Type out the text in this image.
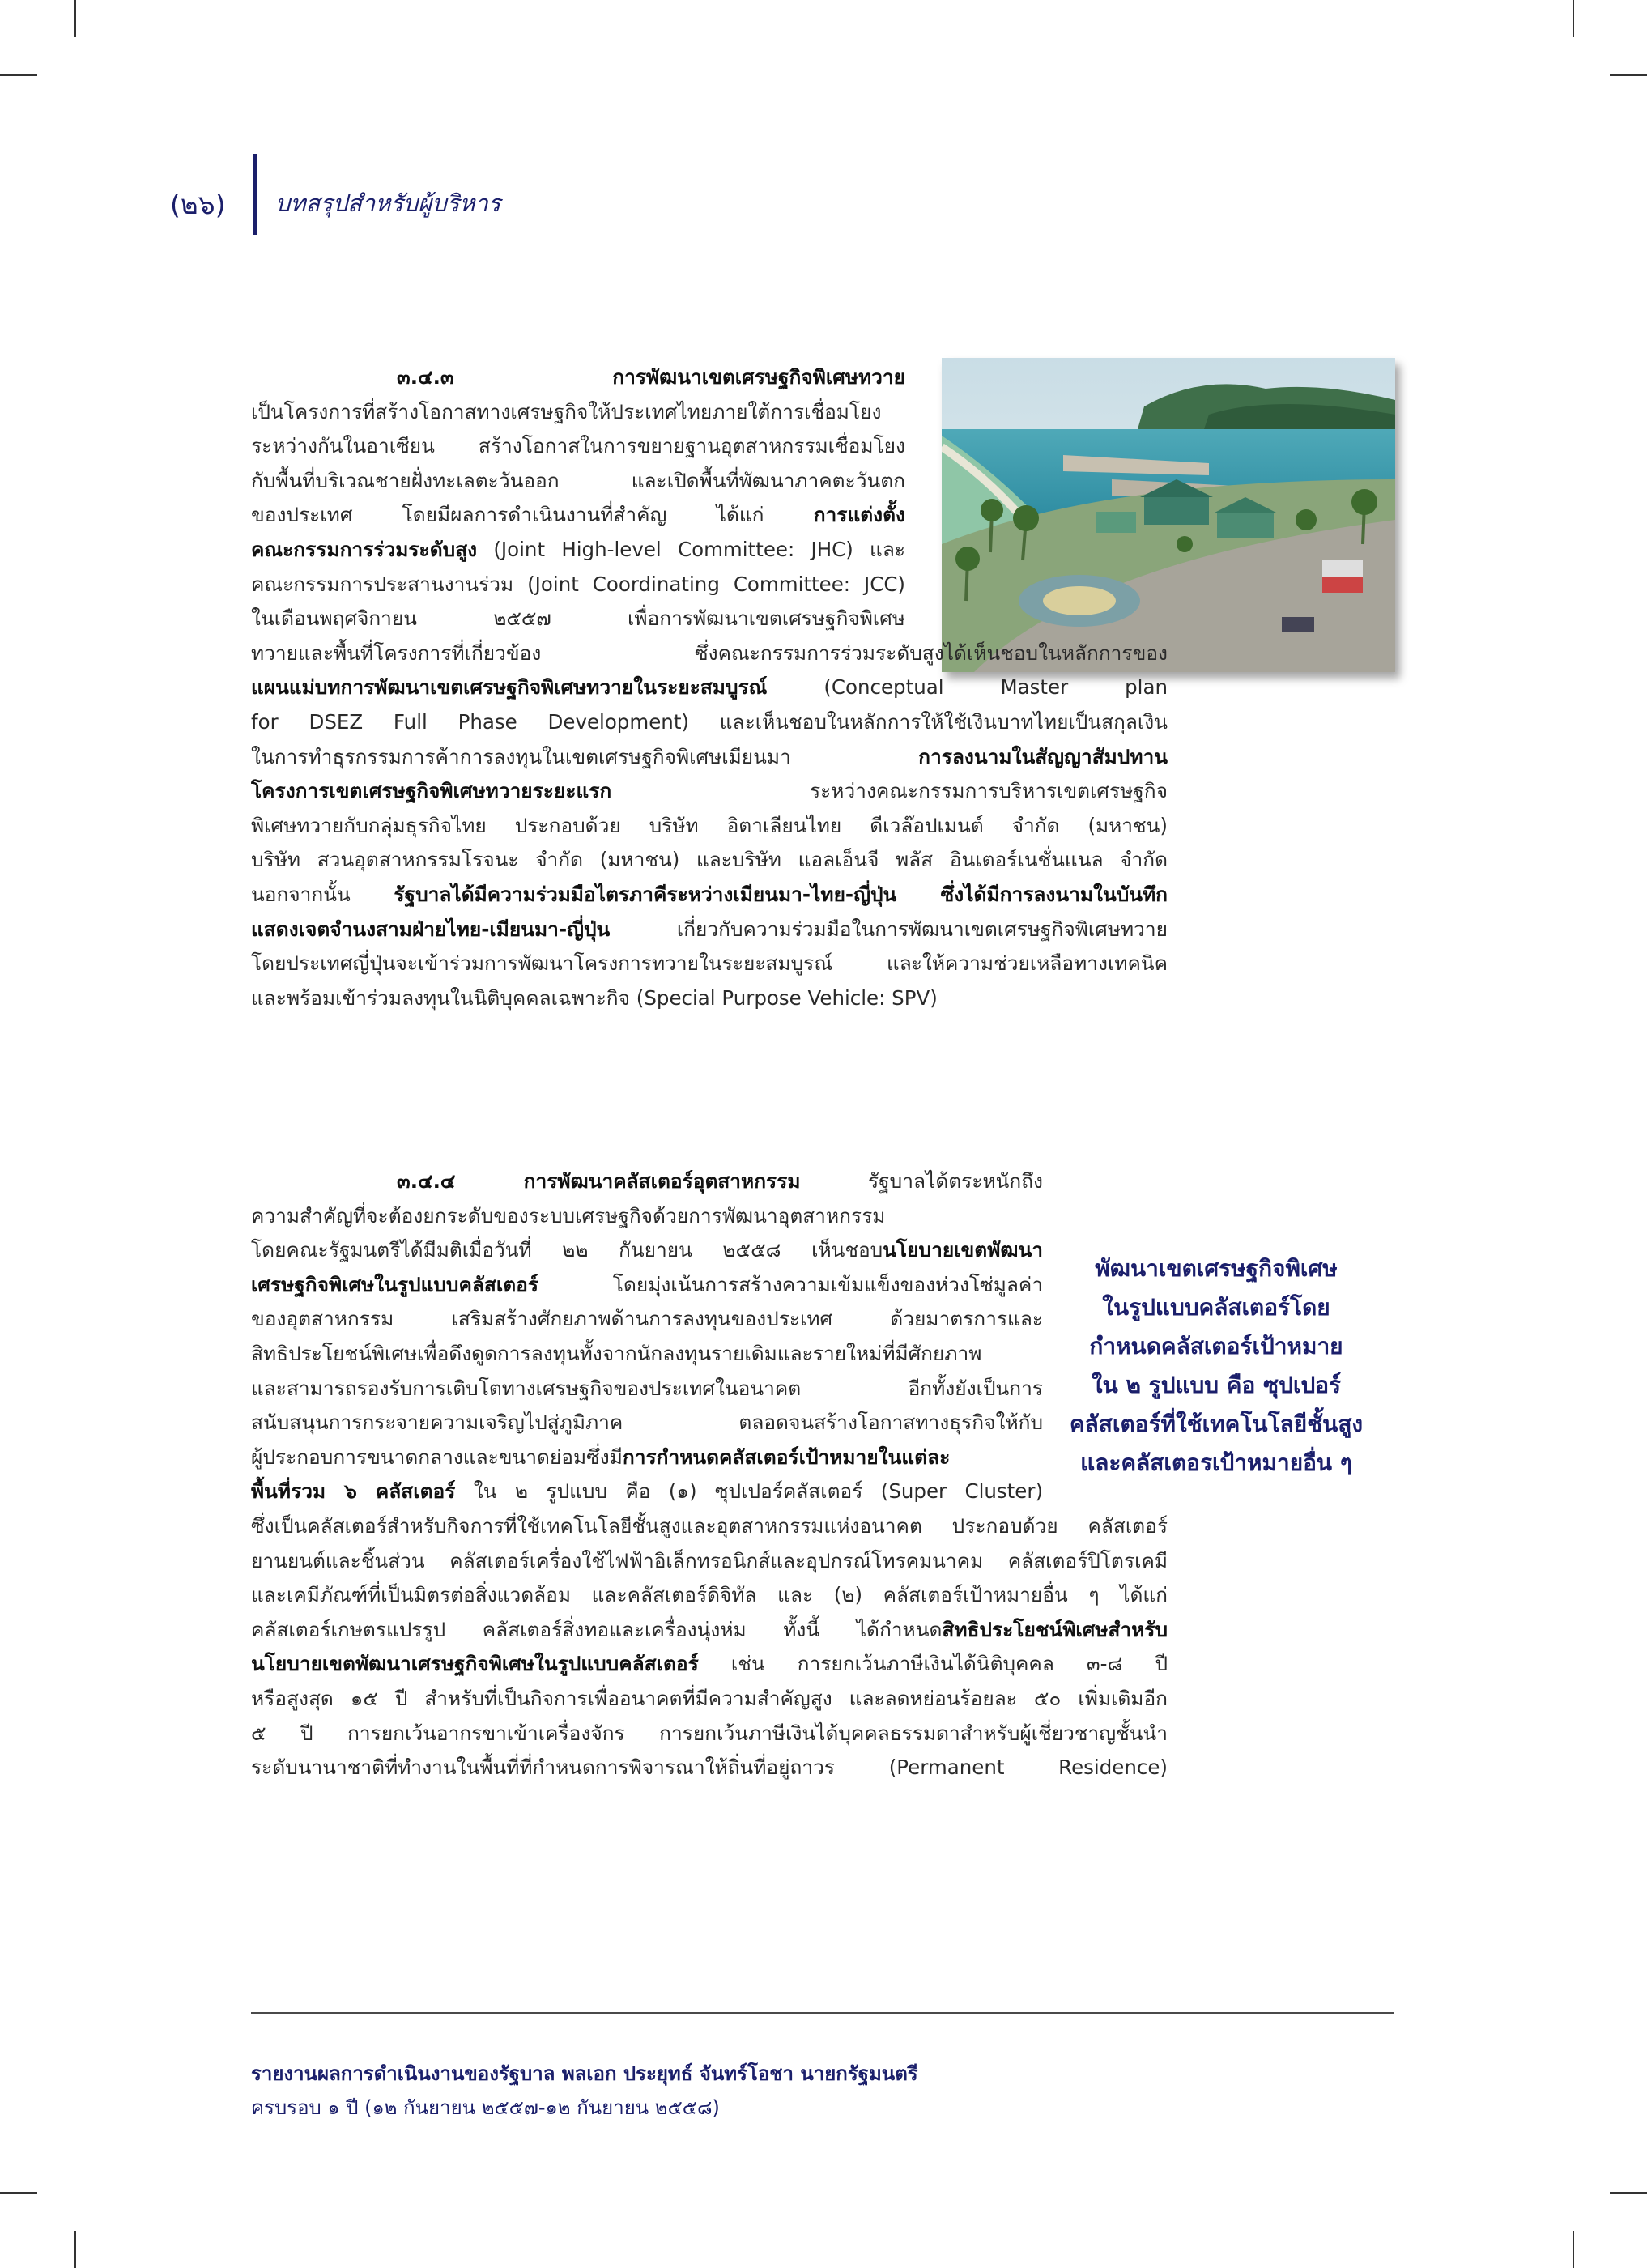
(๒๖) บทสรุปสำหรับผู้บริหาร

๓.๔.๓ การพัฒนาเขตเศรษฐกิจพิเศษทวาย

เป็นโครงการที่สร้างโอกาสทางเศรษฐกิจให้ประเทศไทยภายใต้การเชื่อมโยง

ระหว่างกันในอาเซียน สร้างโอกาสในการขยายฐานอุตสาหกรรมเชื่อมโยง

กับพื้นที่บริเวณชายฝั่งทะเลตะวันออก และเปิดพื้นที่พัฒนาภาคตะวันตก

ของประเทศ โดยมีผลการดำเนินงานที่สำคัญ ได้แก่ การแต่งตั้ง

คณะกรรมการร่วมระดับสูง (Joint High-level Committee: JHC) และ

คณะกรรมการประสานงานร่วม (Joint Coordinating Committee: JCC)

ในเดือนพฤศจิกายน ๒๕๕๗ เพื่อการพัฒนาเขตเศรษฐกิจพิเศษ

ทวายและพื้นที่โครงการที่เกี่ยวข้อง ซึ่งคณะกรรมการร่วมระดับสูงได้เห็นชอบในหลักการของ

แผนแม่บทการพัฒนาเขตเศรษฐกิจพิเศษทวายในระยะสมบูรณ์ (Conceptual Master plan

for DSEZ Full Phase Development) และเห็นชอบในหลักการให้ใช้เงินบาทไทยเป็นสกุลเงิน

ในการทำธุรกรรมการค้าการลงทุนในเขตเศรษฐกิจพิเศษเมียนมา	การลงนามในสัญญาสัมปทาน

โครงการเขตเศรษฐกิจพิเศษทวายระยะแรก ระหว่างคณะกรรมการบริหารเขตเศรษฐกิจ

พิเศษทวายกับกลุ่มธุรกิจไทย ประกอบด้วย บริษัท อิตาเลียนไทย ดีเวล๊อปเมนต์ จำกัด (มหาชน)

บริษัท สวนอุตสาหกรรมโรจนะ จำกัด (มหาชน) และบริษัท แอลเอ็นจี พลัส อินเตอร์เนชั่นแนล จำกัด

นอกจากนั้น รัฐบาลได้มีความร่วมมือไตรภาคีระหว่างเมียนมา-ไทย-ญี่ปุ่น ซึ่งได้มีการลงนามในบันทึก

แสดงเจตจำนงสามฝ่ายไทย-เมียนมา-ญี่ปุ่น เกี่ยวกับความร่วมมือในการพัฒนาเขตเศรษฐกิจพิเศษทวาย

โดยประเทศญี่ปุ่นจะเข้าร่วมการพัฒนาโครงการทวายในระยะสมบูรณ์ และให้ความช่วยเหลือทางเทคนิค

และพร้อมเข้าร่วมลงทุนในนิติบุคคลเฉพาะกิจ (Special Purpose Vehicle: SPV)

๓.๔.๔ การพัฒนาคลัสเตอร์อุตสาหกรรม รัฐบาลได้ตระหนักถึง

ความสำคัญที่จะต้องยกระดับของระบบเศรษฐกิจด้วยการพัฒนาอุตสาหกรรม

โดยคณะรัฐมนตรีได้มีมติเมื่อวันที่ ๒๒ กันยายน ๒๕๕๘ เห็นชอบนโยบายเขตพัฒนา

เศรษฐกิจพิเศษในรูปแบบคลัสเตอร์ โดยมุ่งเน้นการสร้างความเข้มแข็งของห่วงโซ่มูลค่า

ของอุตสาหกรรม เสริมสร้างศักยภาพด้านการลงทุนของประเทศ ด้วยมาตรการและ

สิทธิประโยชน์พิเศษเพื่อดึงดูดการลงทุนทั้งจากนักลงทุนรายเดิมและรายใหม่ที่มีศักยภาพ

และสามารถรองรับการเติบโตทางเศรษฐกิจของประเทศในอนาคต อีกทั้งยังเป็นการ

สนับสนุนการกระจายความเจริญไปสู่ภูมิภาค ตลอดจนสร้างโอกาสทางธุรกิจให้กับ

ผู้ประกอบการขนาดกลางและขนาดย่อมซึ่งมีการกำหนดคลัสเตอร์เป้าหมายในแต่ละ

พื้นที่รวม ๖ คลัสเตอร์ ใน ๒ รูปแบบ คือ (๑) ซุปเปอร์คลัสเตอร์ (Super Cluster)

ซึ่งเป็นคลัสเตอร์สำหรับกิจการที่ใช้เทคโนโลยีชั้นสูงและอุตสาหกรรมแห่งอนาคต ประกอบด้วย คลัสเตอร์

ยานยนต์และชิ้นส่วน คลัสเตอร์เครื่องใช้ไฟฟ้าอิเล็กทรอนิกส์และอุปกรณ์โทรคมนาคม คลัสเตอร์ปิโตรเคมี

และเคมีภัณฑ์ที่เป็นมิตรต่อสิ่งแวดล้อม และคลัสเตอร์ดิจิทัล และ (๒) คลัสเตอร์เป้าหมายอื่น ๆ ได้แก่

คลัสเตอร์เกษตรแปรรูป คลัสเตอร์สิ่งทอและเครื่องนุ่งห่ม ทั้งนี้ ได้กำหนดสิทธิประโยชน์พิเศษสำหรับ

นโยบายเขตพัฒนาเศรษฐกิจพิเศษในรูปแบบคลัสเตอร์ เช่น การยกเว้นภาษีเงินได้นิติบุคคล ๓-๘ ปี

หรือสูงสุด ๑๕ ปี สำหรับที่เป็นกิจการเพื่ออนาคตที่มีความสำคัญสูง และลดหย่อนร้อยละ ๕๐ เพิ่มเติมอีก

๕ ปี การยกเว้นอากรขาเข้าเครื่องจักร การยกเว้นภาษีเงินได้บุคคลธรรมดาสำหรับผู้เชี่ยวชาญชั้นนำ

ระดับนานาชาติที่ทำงานในพื้นที่ที่กำหนดการพิจารณาให้ถิ่นที่อยู่ถาวร (Permanent Residence)

พัฒนาเขตเศรษฐกิจพิเศษ
ในรูปแบบคลัสเตอร์โดย
กำหนดคลัสเตอร์เป้าหมาย
ใน ๒ รูปแบบ คือ ซุปเปอร์
คลัสเตอร์ที่ใช้เทคโนโลยีชั้นสูง
และคลัสเตอรเป้าหมายอื่น ๆ
รายงานผลการดำเนินงานของรัฐบาล พลเอก ประยุทธ์ จันทร์โอชา นายกรัฐมนตรี
ครบรอบ ๑ ปี (๑๒ กันยายน ๒๕๕๗-๑๒ กันยายน ๒๕๕๘)
